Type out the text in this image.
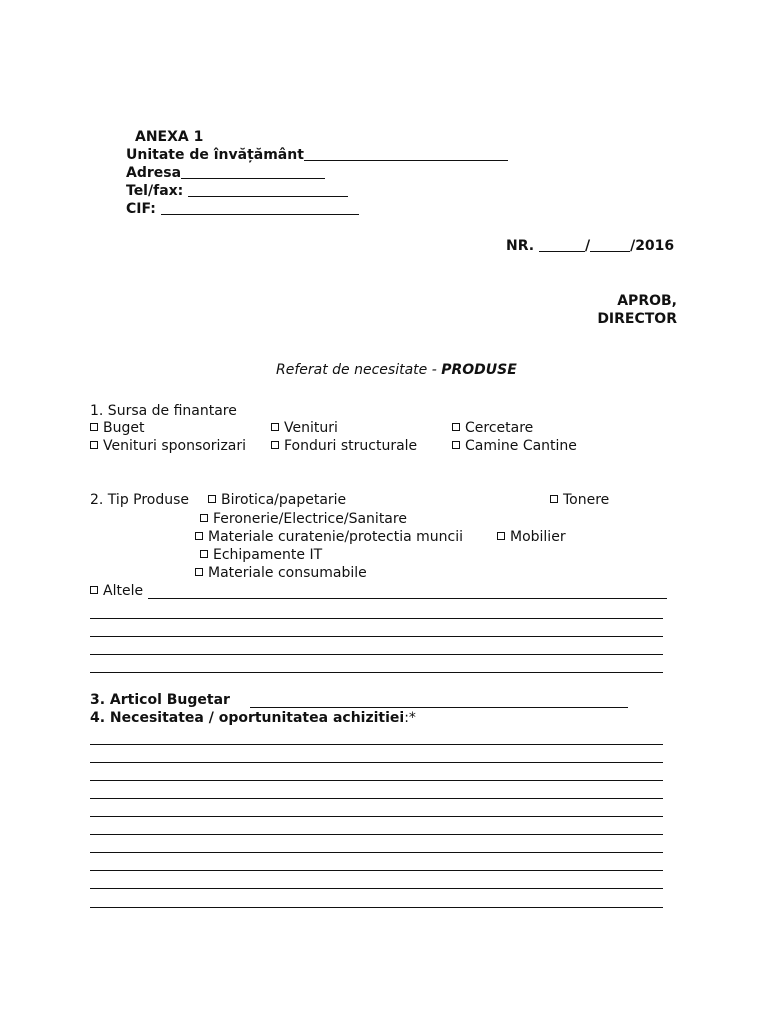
ANEXA 1
Unitate de învățământ
Adresa
Tel/fax:
CIF:
NR.	/	/2016
APROB,
DIRECTOR
Referat de necesitate - PRODUSE
1. Sursa de finantare
Buget	Venituri	Cercetare
Venituri sponsorizari	Fonduri structurale	Camine Cantine
2. Tip Produse	Birotica/papetarie	Tonere
Feronerie/Electrice/Sanitare
Materiale curatenie/protectia muncii	Mobilier
Echipamente IT
Materiale consumabile
Altele
3. Articol Bugetar
4. Necesitatea / oportunitatea achizitiei:*
